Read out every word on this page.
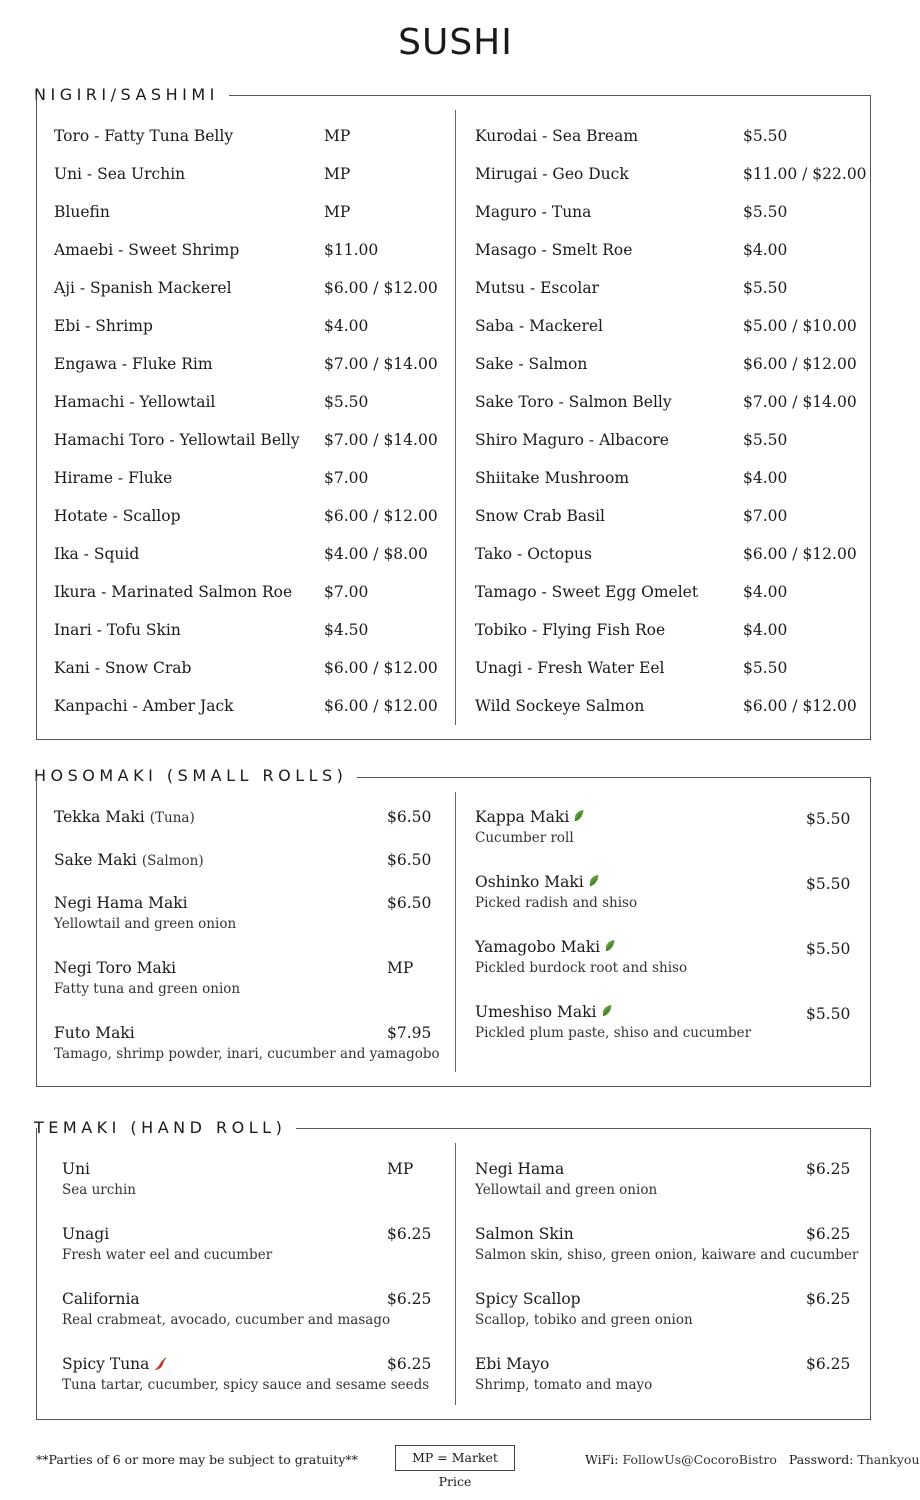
SUSHI
NIGIRI/SASHIMI
Toro - Fatty Tuna Belly	MP
Uni - Sea Urchin	MP
Bluefin	MP
Amaebi - Sweet Shrimp	$11.00
Aji - Spanish Mackerel	$6.00 / $12.00
Ebi - Shrimp	$4.00
Engawa - Fluke Rim	$7.00 / $14.00
Hamachi - Yellowtail	$5.50
Hamachi Toro - Yellowtail Belly $7.00 / $14.00
Hirame - Fluke	$7.00
Hotate - Scallop	$6.00 / $12.00
Ika - Squid	$4.00 / $8.00
Ikura - Marinated Salmon Roe $7.00
Inari - Tofu Skin	$4.50
Kani - Snow Crab	$6.00 / $12.00
Kanpachi - Amber Jack	$6.00 / $12.00
Kurodai - Sea Bream	$5.50
Mirugai - Geo Duck	$11.00 / $22.00
Maguro - Tuna	$5.50
Masago - Smelt Roe	$4.00
Mutsu - Escolar	$5.50
Saba - Mackerel	$5.00 / $10.00
Sake - Salmon	$6.00 / $12.00
Sake Toro - Salmon Belly	$7.00 / $14.00
Shiro Maguro - Albacore	$5.50
Shiitake Mushroom	$4.00
Snow Crab Basil	$7.00
Tako - Octopus	$6.00 / $12.00
Tamago - Sweet Egg Omelet	$4.00
Tobiko - Flying Fish Roe	$4.00
Unagi - Fresh Water Eel	$5.50
Wild Sockeye Salmon	$6.00 / $12.00
HOSOMAKI (SMALL ROLLS)
Tekka Maki (Tuna)	$6.50
Sake Maki (Salmon)	$6.50
Negi Hama Maki	$6.50
Yellowtail and green onion
Negi Toro Maki	MP
Fatty tuna and green onion
Futo Maki	$7.95
Tamago, shrimp powder, inari, cucumber and yamagobo
Kappa Maki	$5.50
Cucumber roll
Oshinko Maki	$5.50
Picked radish and shiso
Yamagobo Maki	$5.50
Pickled burdock root and shiso
Umeshiso Maki	$5.50
Pickled plum paste, shiso and cucumber
TEMAKI (HAND ROLL)
Uni	MP
Sea urchin
Unagi	$6.25
Fresh water eel and cucumber
California	$6.25
Real crabmeat, avocado, cucumber and masago
Spicy Tuna	$6.25
Tuna tartar, cucumber, spicy sauce and sesame seeds
Negi Hama	$6.25
Yellowtail and green onion
Salmon Skin	$6.25
Salmon skin, shiso, green onion, kaiware and cucumber
Spicy Scallop	$6.25
Scallop, tobiko and green onion
Ebi Mayo	$6.25
Shrimp, tomato and mayo
**Parties of 6 or more may be subject to gratuity**	MP = Market Price
WiFi: FollowUs@CocoroBistro Password: Thankyou
